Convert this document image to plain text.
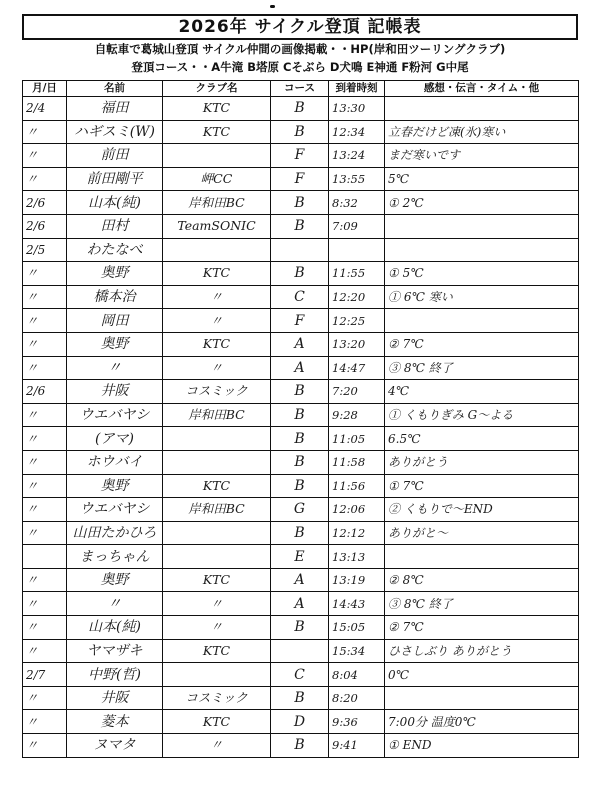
2026年 サイクル登頂 記帳表
自転車で葛城山登頂 サイクル仲間の画像掲載・・HP(岸和田ツーリングクラブ)
登頂コース・・A牛滝 B塔原 Cそぶら D犬鳴 E神通 F粉河 G中尾
月/日	名前	クラブ名	コース	到着時刻	感想・伝言・タイム・他
2/4	福田	KTC	B	13:30	
〃	ハギスミ(W)	KTC	B	12:34	立春だけど凍(氷)寒い
〃	前田		F	13:24	まだ寒いです
〃	前田剛平	岬CC	F	13:55	5℃
2/6	山本(純)	岸和田BC	B	8:32	① 2℃
2/6	田村	TeamSONIC	B	7:09	
2/5	わたなべ				
〃	奥野	KTC	B	11:55	① 5℃
〃	橋本治	〃	C	12:20	① 6℃ 寒い
〃	岡田	〃	F	12:25	
〃	奥野	KTC	A	13:20	② 7℃
〃	〃	〃	A	14:47	③ 8℃ 終了
2/6	井阪	コスミック	B	7:20	4℃
〃	ウエバヤシ	岸和田BC	B	9:28	① くもりぎみ G〜よる
〃	(アマ)		B	11:05	6.5℃
〃	ホウバイ		B	11:58	ありがとう
〃	奥野	KTC	B	11:56	① 7℃
〃	ウエバヤシ	岸和田BC	G	12:06	② くもりで〜END
〃	山田たかひろ		B	12:12	ありがと〜
	まっちゃん		E	13:13	
〃	奥野	KTC	A	13:19	② 8℃
〃	〃	〃	A	14:43	③ 8℃ 終了
〃	山本(純)	〃	B	15:05	② 7℃
〃	ヤマザキ	KTC		15:34	ひさしぶり ありがとう
2/7	中野(哲)		C	8:04	0℃
〃	井阪	コスミック	B	8:20	
〃	菱本	KTC	D	9:36	7:00分 温度0℃
〃	ヌマタ	〃	B	9:41	① END
